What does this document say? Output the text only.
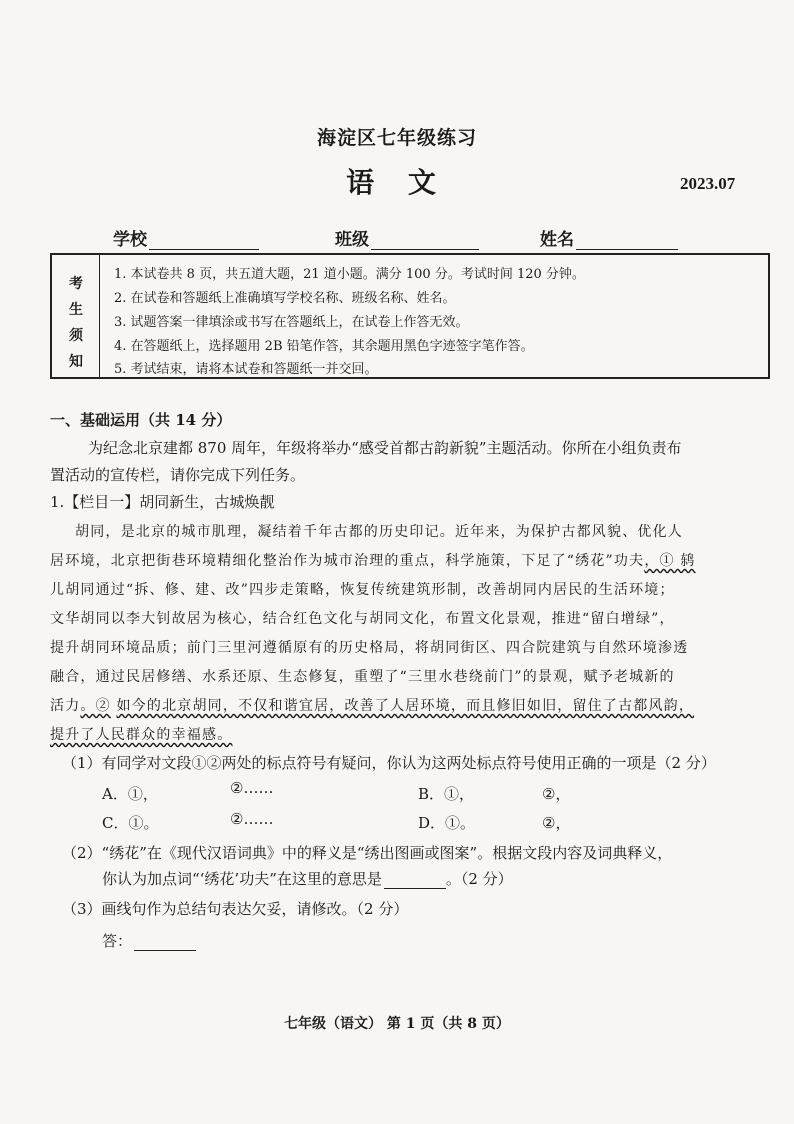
海淀区七年级练习
语 文	2023.07
学校	班级	姓名
考
生
须
知
1. 本试卷共 8 页，共五道大题，21 道小题。满分 100 分。考试时间 120 分钟。
2. 在试卷和答题纸上准确填写学校名称、班级名称、姓名。
3. 试题答案一律填涂或书写在答题纸上，在试卷上作答无效。
4. 在答题纸上，选择题用 2B 铅笔作答，其余题用黑色字迹签字笔作答。
5. 考试结束，请将本试卷和答题纸一并交回。
一、基础运用（共 14 分）
为纪念北京建都 870 周年，年级将举办“感受首都古韵新貌”主题活动。你所在小组负责布
置活动的宣传栏，请你完成下列任务。
1.【栏目一】胡同新生，古城焕靓
胡同，是北京的城市肌理，凝结着千年古都的历史印记。近年来，为保护古都风貌、优化人
居环境，北京把街巷环境精细化整治作为城市治理的重点，科学施策，下足了“绣花”功夫，① 鸫
儿胡同通过“拆、修、建、改”四步走策略，恢复传统建筑形制，改善胡同内居民的生活环境；
文华胡同以李大钊故居为核心，结合红色文化与胡同文化，布置文化景观，推进“留白增绿”，
提升胡同环境品质；前门三里河遵循原有的历史格局，将胡同街区、四合院建筑与自然环境渗透
融合，通过民居修缮、水系还原、生态修复，重塑了“三里水巷绕前门”的景观，赋予老城新的
活力。② 如今的北京胡同，不仅和谐宜居，改善了人居环境，而且修旧如旧，留住了古都风韵，
提升了人民群众的幸福感。
（1）有同学对文段①②两处的标点符号有疑问，你认为这两处标点符号使用正确的一项是（2 分）
A．①，	②……	B．①，	②，
C．①。	②……	D．①。	②，
（2）“绣花”在《现代汉语词典》中的释义是“绣出图画或图案”。根据文段内容及词典释义，
你认为加点词“‘绣花’功夫”在这里的意思是	。（2 分）
（3）画线句作为总结句表达欠妥，请修改。（2 分）
答：
七年级（语文） 第 1 页（共 8 页）
